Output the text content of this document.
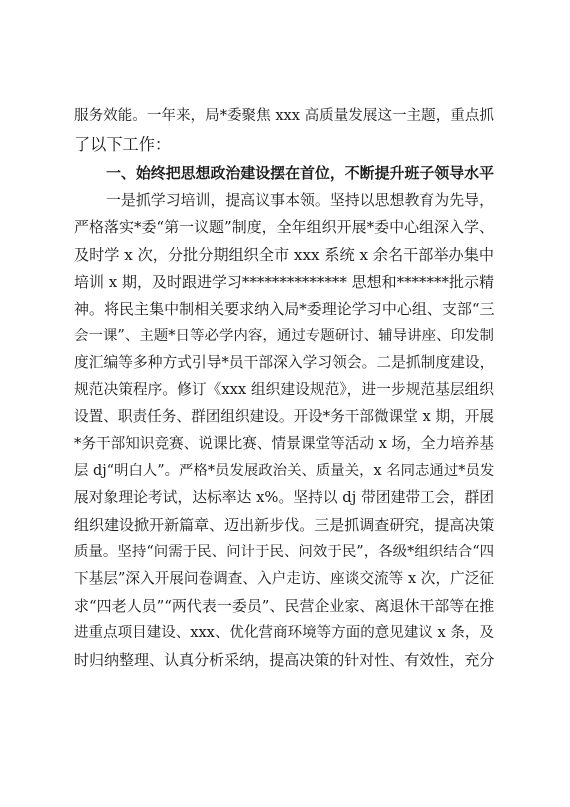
服务效能。一年来，局*委聚焦 xxx 高质量发展这一主题，重点抓
了以下工作：
一、始终把思想政治建设摆在首位，不断提升班子领导水平
一是抓学习培训，提高议事本领。坚持以思想教育为先导，
严格落实*委“第一议题”制度，全年组织开展*委中心组深入学、
及时学 x 次，分批分期组织全市 xxx 系统 x 余名干部举办集中
培训 x 期，及时跟进学习************** 思想和*******批示精
神。将民主集中制相关要求纳入局*委理论学习中心组、支部“三
会一课”、主题*日等必学内容，通过专题研讨、辅导讲座、印发制
度汇编等多种方式引导*员干部深入学习领会。二是抓制度建设，
规范决策程序。修订《xxx 组织建设规范》，进一步规范基层组织
设置、职责任务、群团组织建设。开设*务干部微课堂 x 期，开展
*务干部知识竞赛、说课比赛、情景课堂等活动 x 场，全力培养基
层 dj“明白人”。严格*员发展政治关、质量关，x 名同志通过*员发
展对象理论考试，达标率达 x%。坚持以 dj 带团建带工会，群团
组织建设掀开新篇章、迈出新步伐。三是抓调查研究，提高决策
质量。坚持“问需于民、问计于民、问效于民”，各级*组织结合“四
下基层”深入开展问卷调查、入户走访、座谈交流等 x 次，广泛征
求“四老人员”“两代表一委员”、民营企业家、离退休干部等在推
进重点项目建设、xxx、优化营商环境等方面的意见建议 x 条，及
时归纳整理、认真分析采纳，提高决策的针对性、有效性，充分
